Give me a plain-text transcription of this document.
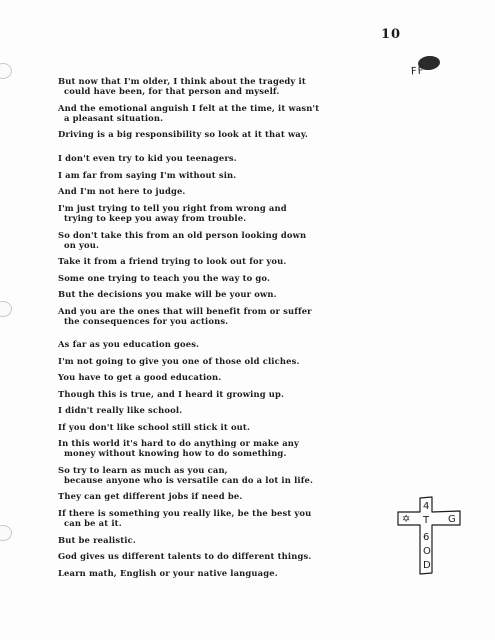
10
FF
But now that I'm older, I think about the tragedy it
could have been, for that person and myself.
And the emotional anguish I felt at the time, it wasn't
a pleasant situation.
Driving is a big responsibility so look at it that way.
I don't even try to kid you teenagers.
I am far from saying I'm without sin.
And I'm not here to judge.
I'm just trying to tell you right from wrong and
trying to keep you away from trouble.
So don't take this from an old person looking down
on you.
Take it from a friend trying to look out for you.
Some one trying to teach you the way to go.
But the decisions you make will be your own.
And you are the ones that will benefit from or suffer
the consequences for you actions.
As far as you education goes.
I'm not going to give you one of those old cliches.
You have to get a good education.
Though this is true, and I heard it growing up.
I didn't really like school.
If you don't like school still stick it out.
In this world it's hard to do anything or make any
money without knowing how to do something.
So try to learn as much as you can,
because anyone who is versatile can do a lot in life.
They can get different jobs if need be.
If there is something you really like, be the best you
can be at it.
But be realistic.
God gives us different talents to do different things.
Learn math, English or your native language.
4
T
6
O
D
✡	G
